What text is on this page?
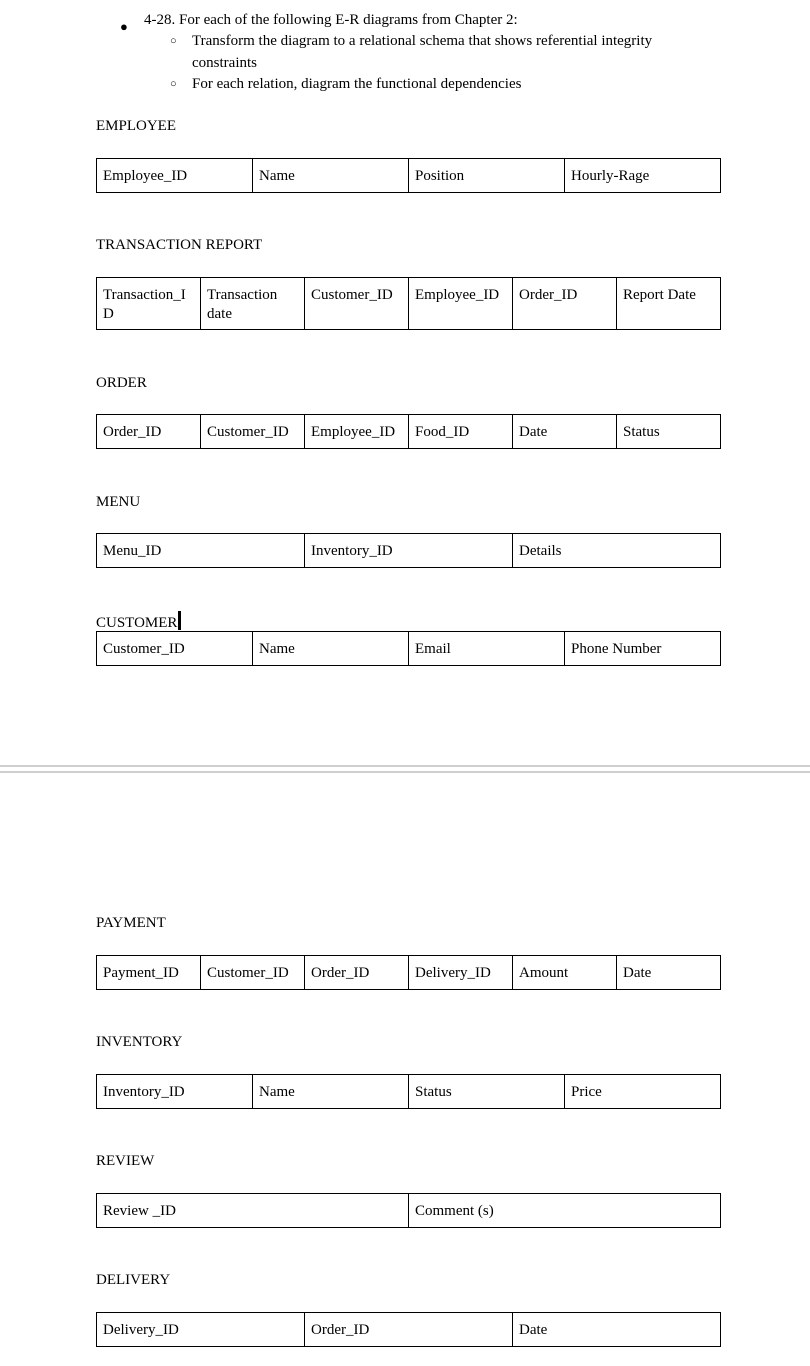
● 4-28. For each of the following E-R diagrams from Chapter 2:
○ Transform the diagram to a relational schema that shows referential integrity
constraints
○ For each relation, diagram the functional dependencies
EMPLOYEE
Employee_ID	Name	Position	Hourly-Rage
TRANSACTION REPORT
Transaction_I D	Transaction date	Customer_ID	Employee_ID	Order_ID	Report Date
ORDER
Order_ID	Customer_ID	Employee_ID	Food_ID	Date	Status
MENU
Menu_ID	Inventory_ID	Details
CUSTOMER
Customer_ID	Name	Email	Phone Number
PAYMENT
Payment_ID	Customer_ID	Order_ID	Delivery_ID	Amount	Date
INVENTORY
Inventory_ID	Name	Status	Price
REVIEW
Review _ID	Comment (s)
DELIVERY
Delivery_ID	Order_ID	Date
